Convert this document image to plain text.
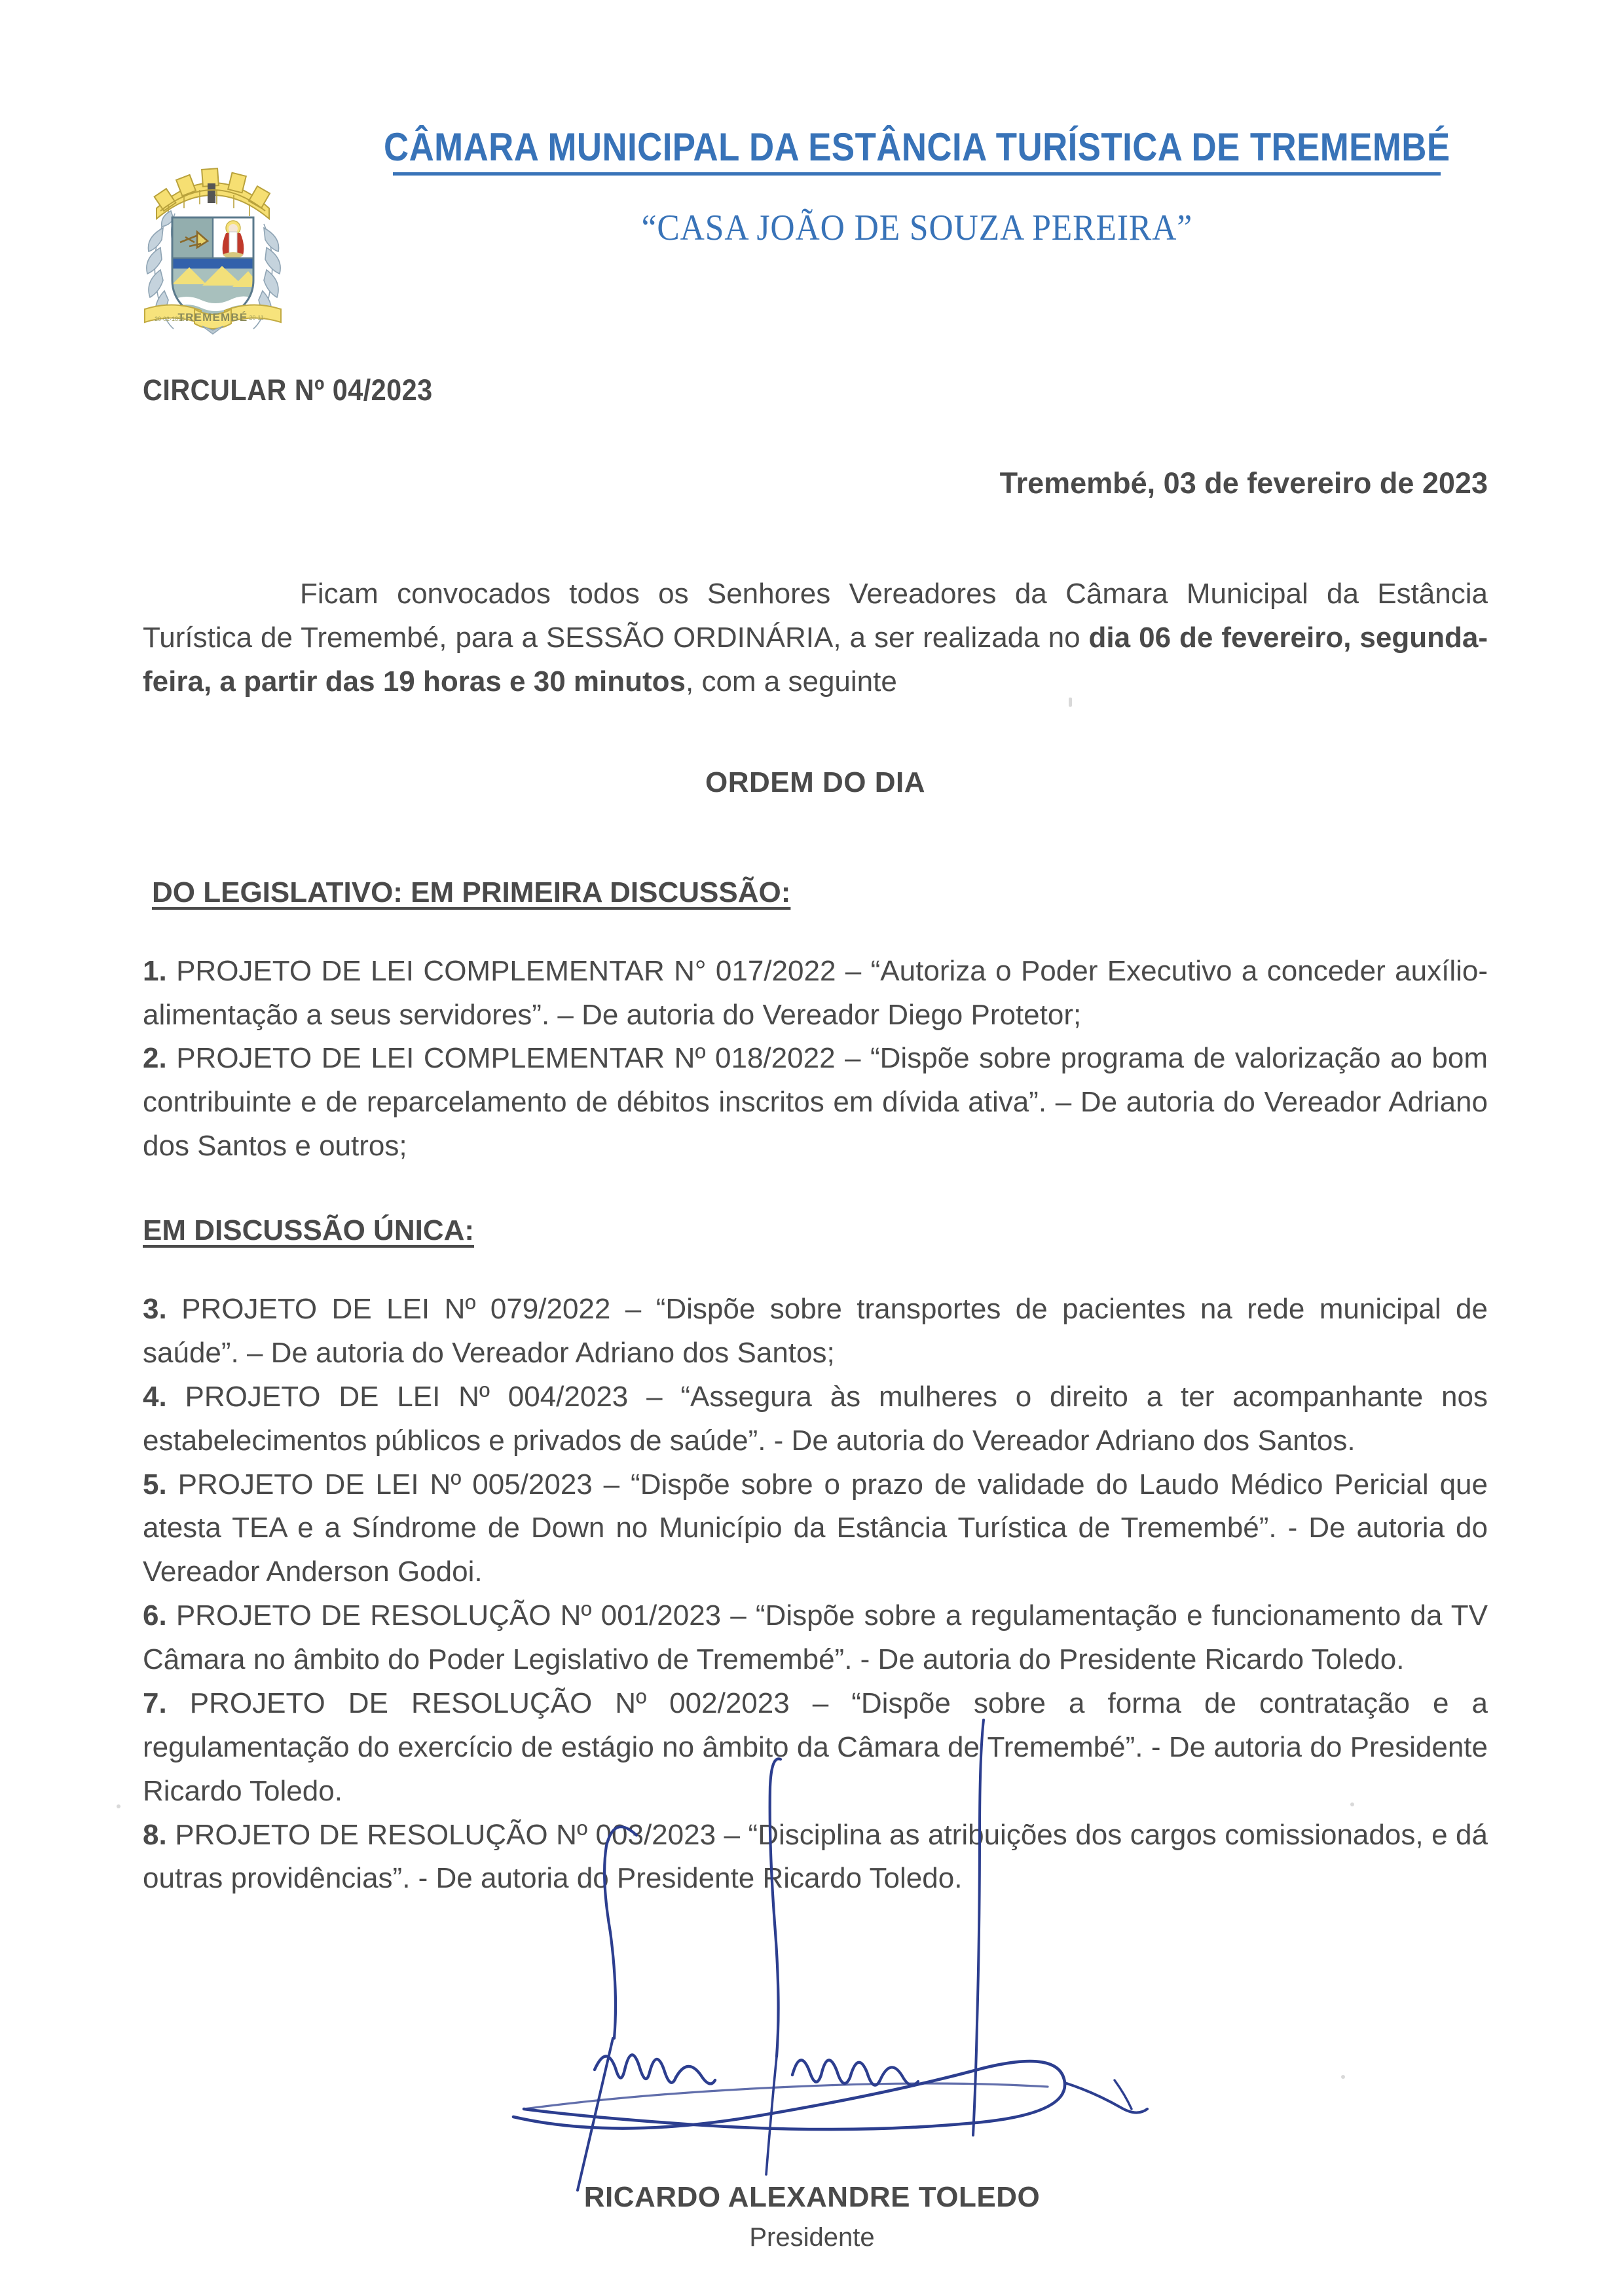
TREMEMBÉ
20·02·1896	20·11·
CÂMARA MUNICIPAL DA ESTÂNCIA TURÍSTICA DE TREMEMBÉ
“CASA JOÃO DE SOUZA PEREIRA”
CIRCULAR Nº 04/2023
Tremembé, 03 de fevereiro de 2023

Ficam convocados todos os Senhores Vereadores da Câmara Municipal da Estância Turística de Tremembé, para a SESSÃO ORDINÁRIA, a ser realizada no dia 06 de fevereiro, segunda-feira, a partir das 19 horas e 30 minutos, com a seguinte

ORDEM DO DIA
DO LEGISLATIVO: EM PRIMEIRA DISCUSSÃO:

1. PROJETO DE LEI COMPLEMENTAR N° 017/2022 – “Autoriza o Poder Executivo a conceder auxílio-alimentação a seus servidores”. – De autoria do Vereador Diego Protetor;

2. PROJETO DE LEI COMPLEMENTAR Nº 018/2022 – “Dispõe sobre programa de valorização ao bom contribuinte e de reparcelamento de débitos inscritos em dívida ativa”. – De autoria do Vereador Adriano dos Santos e outros;

EM DISCUSSÃO ÚNICA:

3. PROJETO DE LEI Nº 079/2022 – “Dispõe sobre transportes de pacientes na rede municipal de saúde”. – De autoria do Vereador Adriano dos Santos;

4. PROJETO DE LEI Nº 004/2023 – “Assegura às mulheres o direito a ter acompanhante nos estabelecimentos públicos e privados de saúde”. - De autoria do Vereador Adriano dos Santos.

5. PROJETO DE LEI Nº 005/2023 – “Dispõe sobre o prazo de validade do Laudo Médico Pericial que atesta TEA e a Síndrome de Down no Município da Estância Turística de Tremembé”. - De autoria do Vereador Anderson Godoi.

6. PROJETO DE RESOLUÇÃO Nº 001/2023 – “Dispõe sobre a regulamentação e funcionamento da TV Câmara no âmbito do Poder Legislativo de Tremembé”. - De autoria do Presidente Ricardo Toledo.

7. PROJETO DE RESOLUÇÃO Nº 002/2023 – “Dispõe sobre a forma de contratação e a regulamentação do exercício de estágio no âmbito da Câmara de Tremembé”. - De autoria do Presidente Ricardo Toledo.

8. PROJETO DE RESOLUÇÃO Nº 003/2023 – “Disciplina as atribuições dos cargos comissionados, e dá outras providências”. - De autoria do Presidente Ricardo Toledo.

RICARDO ALEXANDRE TOLEDO
Presidente
